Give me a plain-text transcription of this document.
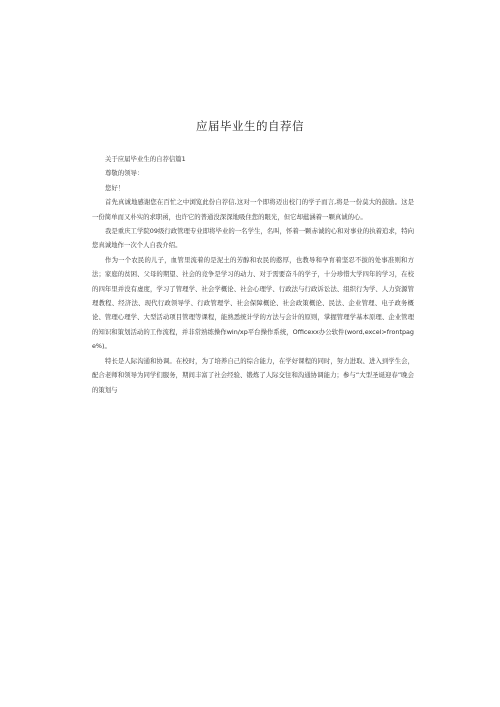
应届毕业生的自荐信

关于应届毕业生的自荐信篇1

尊敬的领导：

您好！

首先真诚地感谢您在百忙之中浏览此份自荐信,这对一个即将迈出校门的学子而言,将是一份莫大的鼓励。这是一份简单而又朴实的求职函，也许它的普通没深深地吸住您的眼光，但它却蕴涵着一颗真诚的心。

我是重庆工学院09级行政管理专业即将毕业的一名学生，名叫，怀着一颗赤诚的心和对事业的执着追求，特向您真诚地作一次个人自我介绍。

作为一个农民的儿子，血管里流着的是泥土的芳醇和农民的憨厚，也教导和孕育着坚忍不拔的处事准则和方法；家庭的贫困、父母的期望、社会的竞争是学习的动力、对于需要奋斗的学子，十分珍惜大学四年的学习，在校的四年里并没有虚度，学习了管理学、社会学概论、社会心理学、行政法与行政诉讼法、组织行为学、人力资源管理教程、经济法、现代行政领导学、行政管理学、社会保障概论、社会政策概论、民法、企业管理、电子政务概论、管理心理学、大型活动项目管理等课程，能熟悉统计学的方法与会计的原则，掌握管理学基本原理、企业管理的知识和策划活动的工作流程，并非常熟练操作win/xp平台操作系统，Officexx办公软件(word,excel>frontpage%)。

特长是人际沟通和协调。在校时，为了培养自己的综合能力，在学好课程的同时，努力进取、进入到学生会，配合老师和领导为同学们服务，期间丰富了社会经验、锻炼了人际交往和沟通协调能力；参与“大型圣诞迎春”晚会的策划与
